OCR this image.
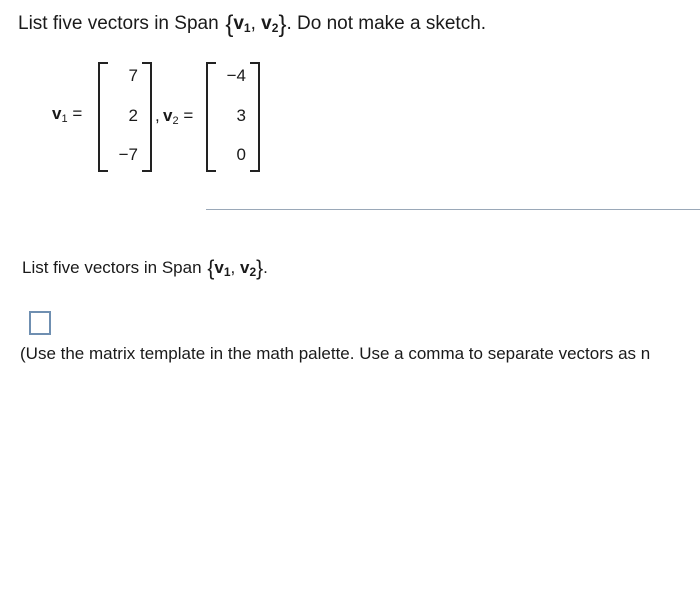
List five vectors in Span { $v_1$ , $v_2$ } . Do not make a sketch.
$v_1$ =
7
2
−7
, $v_2$ =
−4
3
0
List five vectors in Span { $v_1$ , $v_2$ } .
(Use the matrix template in the math palette. Use a comma to separate vectors as n
